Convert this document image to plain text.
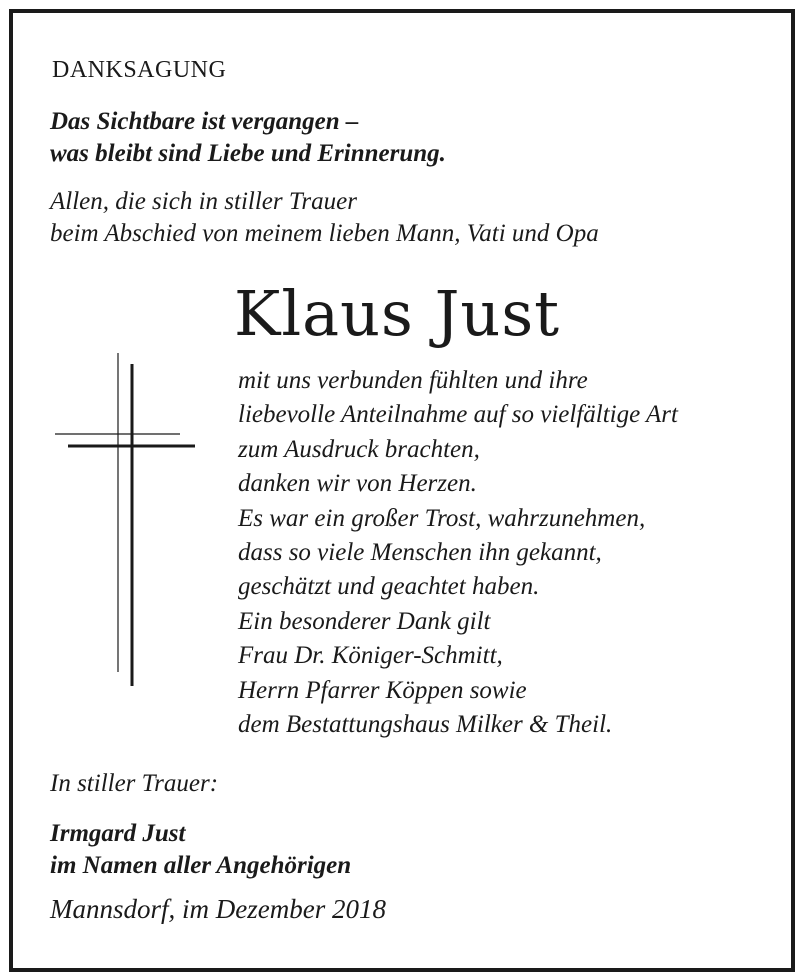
DANKSAGUNG
Das Sichtbare ist vergangen –
was bleibt sind Liebe und Erinnerung.
Allen, die sich in stiller Trauer
beim Abschied von meinem lieben Mann, Vati und Opa
Klaus Just
mit uns verbunden fühlten und ihre
liebevolle Anteilnahme auf so vielfältige Art
zum Ausdruck brachten,
danken wir von Herzen.
Es war ein großer Trost, wahrzunehmen,
dass so viele Menschen ihn gekannt,
geschätzt und geachtet haben.
Ein besonderer Dank gilt
Frau Dr. Königer-Schmitt,
Herrn Pfarrer Köppen sowie
dem Bestattungshaus Milker & Theil.
In stiller Trauer:
Irmgard Just
im Namen aller Angehörigen
Mannsdorf, im Dezember 2018
